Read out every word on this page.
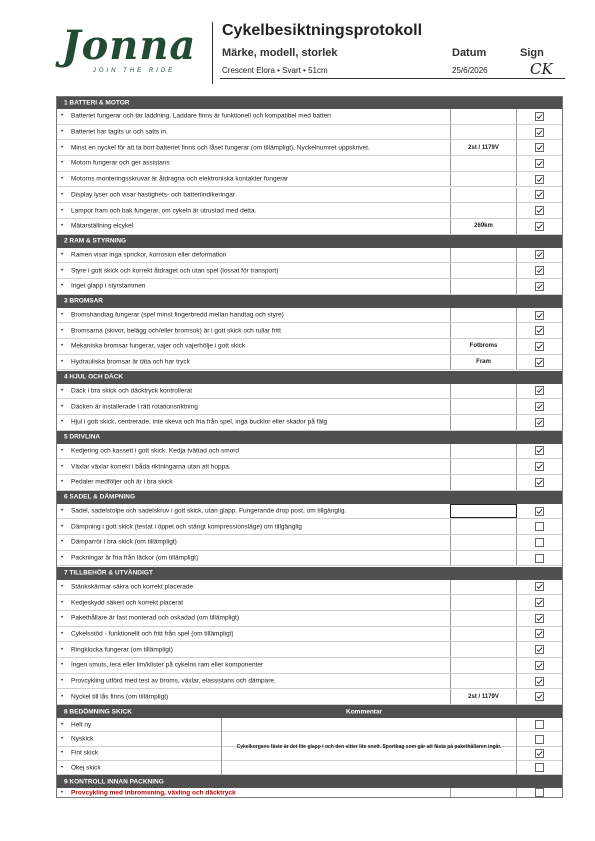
Jonna
JOIN THE RIDE
Cykelbesiktningsprotokoll
Märke, modell, storlek	Datum	Sign
Crescent Elora • Svart • 51cm	25/6/2026	CK
1 BATTERI & MOTOR
• Batteriet fungerar och tar laddning. Laddare finns är funktionell och kompatibel med batteri
• Batteriet har tagits ur och satts in.
• Minst en nyckel för att ta bort batteriet finns och låset fungerar (om tillämpligt). Nyckelnumret uppskrivet.	2st / 1179V
• Motorn fungerar och ger assistans
• Motorns monteringsskruvar är åtdragna och elektroniska kontakter fungerar
• Display lyser och visar hastighets- och batteriindikeringar
• Lampor fram och bak fungerar, om cykeln är utrustad med detta.
• Mätarställning elcykel	269km
2 RAM & STYRNING
• Ramen visar inga sprickor, korrosion eller deformation
• Styre i gott skick och korrekt åtdraget och utan spel (lossat för transport)
• Inget glapp i styrstammen
3 BROMSAR
• Bromshandtag fungerar (spel minst fingerbredd mellan handtag och styre)
• Bromsarna (skivor, belägg och/eller bromsok) är i gott skick och rullar fritt
• Mekaniska bromsar fungerar, vajer och vajerhölje i gott skick	Fotbroms
• Hydrauliska bromsar är täta och har tryck	Fram
4 HJUL OCH DÄCK
• Däck i bra skick och däcktryck kontrollerat
• Däcken är installerade i rätt rotationsriktning
• Hjul i gott skick, centrerade, inte skeva och fria från spel, inga bucklor eller skador på fälg
5 DRIVLINA
• Kedjering och kassett i gott skick. Kedja tvättad och smord
• Växlar växlar korrekt i båda riktningarna utan att hoppa.
• Pedaler medföljer och är i bra skick
6 SADEL & DÄMPNING
• Sadel, sadelstolpe och sadelskruv i gott skick, utan glapp. Fungerande drop post, om tillgänglig.
• Dämpning i gott skick (testat i öppet och stängt kompressionsläge) om tillgänglig
• Dämparrör i bra skick (om tillämpligt)
• Packningar är fria från läckor (om tillämpligt)
7 TILLBEHÖR & UTVÄNDIGT
• Stänkskärmar säkra och korrekt placerade
• Kedjeskydd säkert och korrekt placerat
• Pakethållare är fast monterad och oskadad (om tillämpligt)
• Cykelsstöd - funktionellt och fritt från spel (om tillämpligt)
• Ringklocka fungerar (om tillämpligt)
• Ingen smuts, lera eller lim/klister på cykelns ram eller komponenter
• Provcykling utförd med test av broms, växlar, elassistans och dämpare.
• Nyckel till lås finns (om tillämpligt)	2st / 1179V
8 BEDÖMNING SKICK	Kommentar
• Helt ny
• Nyskick
• Fint skick
• Okej skick
Cykelkorgens fäste är det lite glapp i och den sitter lite snett. Sportbag som går att fästa på pakethållaren ingår.
9 KONTROLL INNAN PACKNING
• Provcykling med inbromsning, växling och däcktryck
